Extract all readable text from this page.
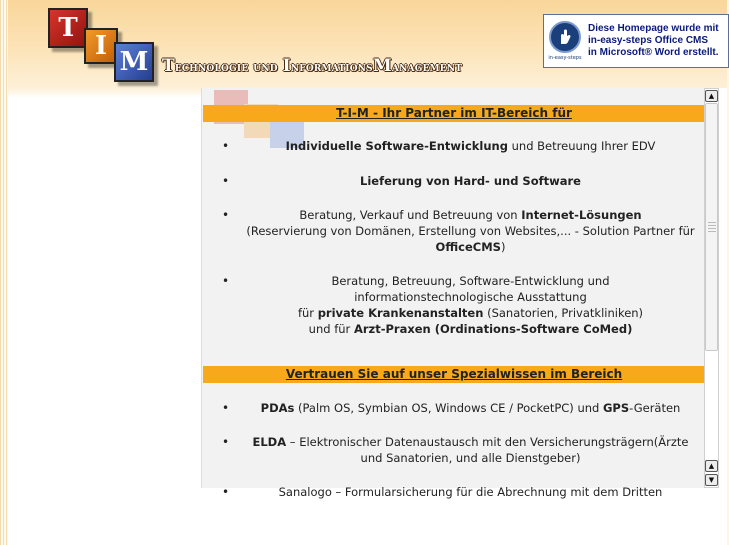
T
I
M Technologie und InformationsManagement
in-easy-steps
Diese Homepage wurde mit
in-easy-steps Office CMS
in Microsoft® Word erstellt.
T-I-M - Ihr Partner im IT-Bereich für
•	Individuelle Software-Entwicklung und Betreuung Ihrer EDV
•	Lieferung von Hard- und Software
•	Beratung, Verkauf und Betreuung von Internet-Lösungen
(Reservierung von Domänen, Erstellung von Websites,... - Solution Partner für OfficeCMS)
•	Beratung, Betreuung, Software-Entwicklung und
informationstechnologische Ausstattung
für private Krankenanstalten (Sanatorien, Privatkliniken)
und für Arzt-Praxen (Ordinations-Software CoMed)
Vertrauen Sie auf unser Spezialwissen im Bereich
•	PDAs (Palm OS, Symbian OS, Windows CE / PocketPC) und GPS-Geräten
•	ELDA – Elektronischer Datenaustausch mit den Versicherungsträgern(Ärzte und Sanatorien, und alle Dienstgeber)
•	Sanalogo – Formularsicherung für die Abrechnung mit dem Dritten
▲
▲
▼
